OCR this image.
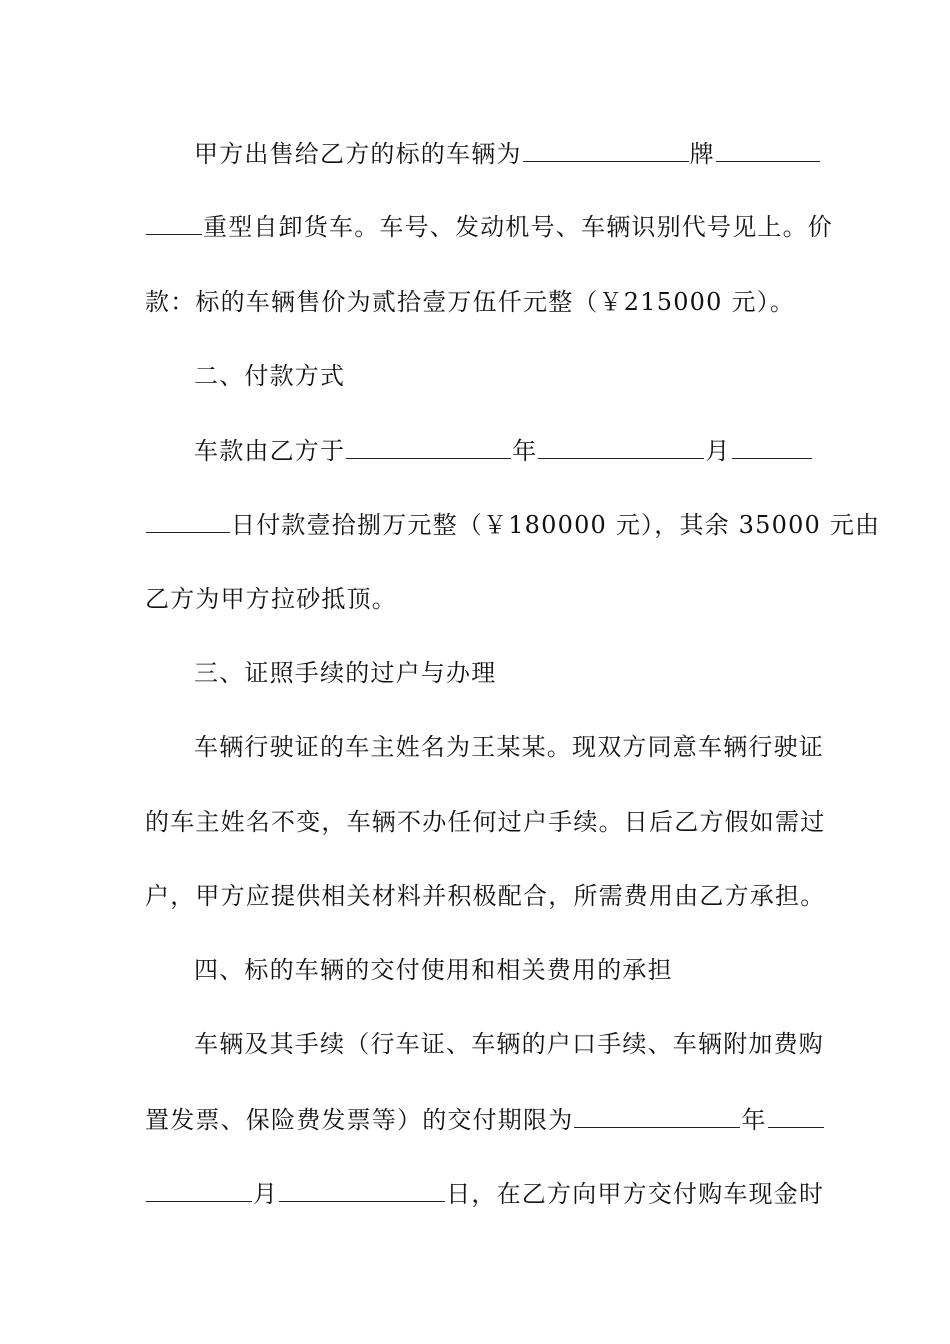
甲方出售给乙方的标的车辆为	牌
重型自卸货车。车号、发动机号、车辆识别代号见上。价
款：标的车辆售价为贰拾壹万伍仟元整（￥215000 元）。
二、付款方式
车款由乙方于	年	月
日付款壹拾捌万元整（￥180000 元），其余 35000 元由
乙方为甲方拉砂抵顶。
三、证照手续的过户与办理
车辆行驶证的车主姓名为王某某。现双方同意车辆行驶证
的车主姓名不变，车辆不办任何过户手续。日后乙方假如需过
户，甲方应提供相关材料并积极配合，所需费用由乙方承担。
四、标的车辆的交付使用和相关费用的承担
车辆及其手续（行车证、车辆的户口手续、车辆附加费购
置发票、保险费发票等）的交付期限为	年
月	日，在乙方向甲方交付购车现金时
